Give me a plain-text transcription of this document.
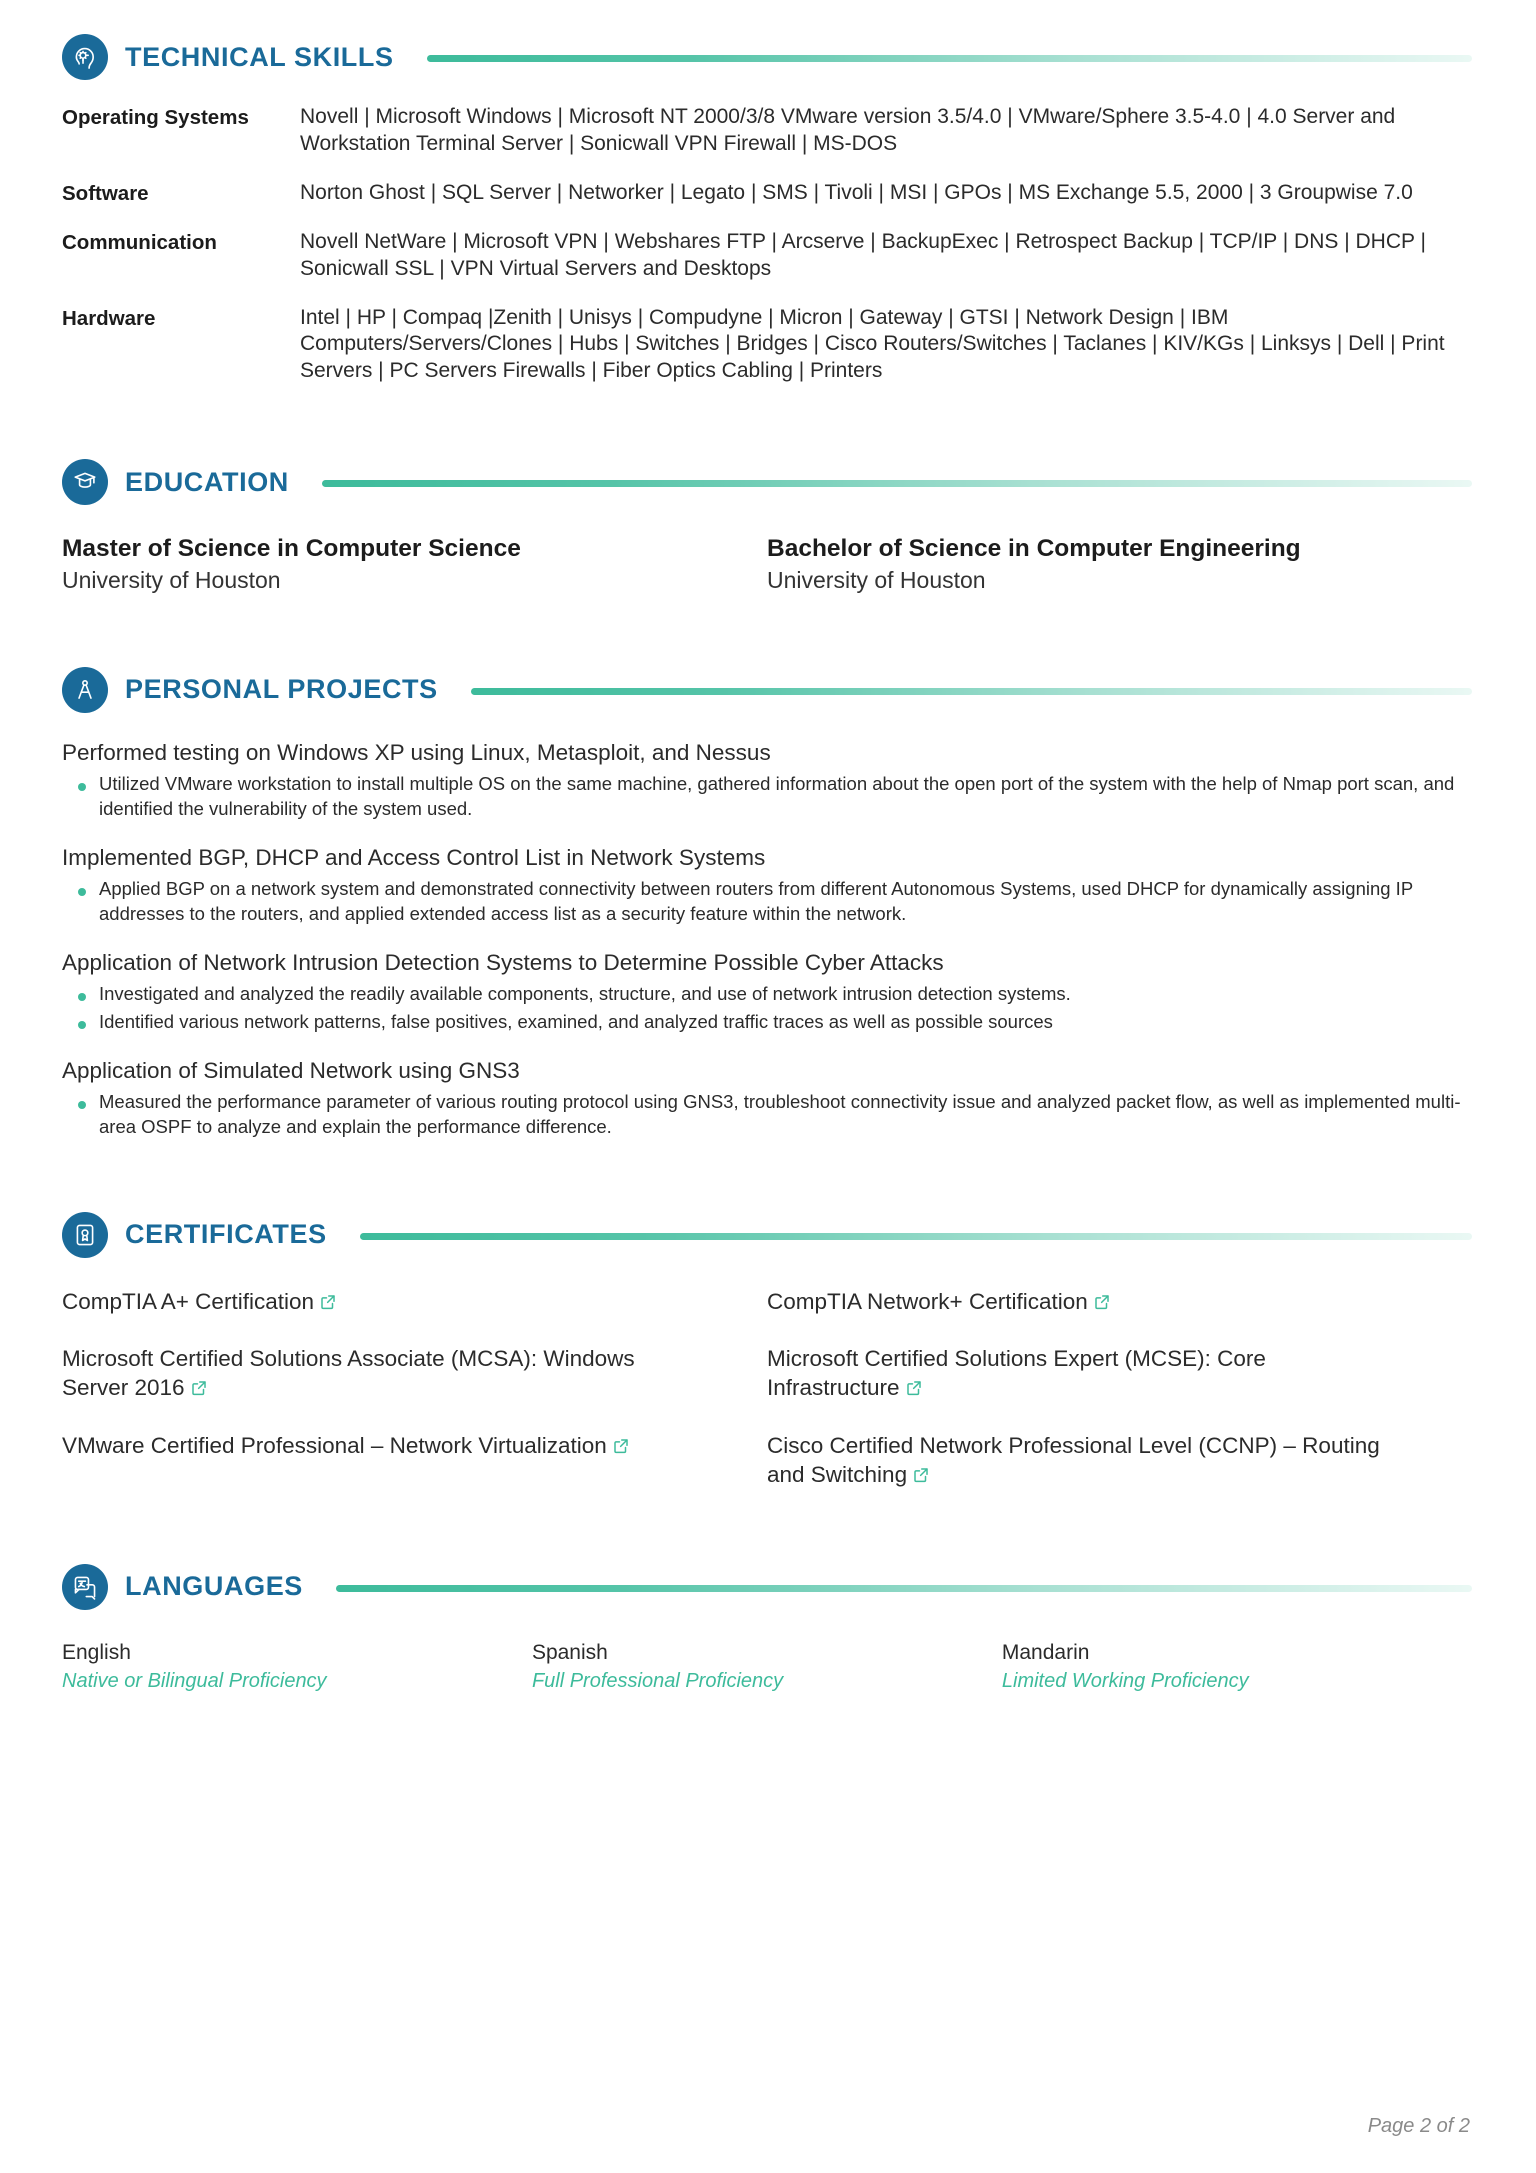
TECHNICAL SKILLS
Operating Systems	Novell | Microsoft Windows | Microsoft NT 2000/3/8 VMware version 3.5/4.0 | VMware/Sphere 3.5-4.0 | 4.0 Server and Workstation Terminal Server | Sonicwall VPN Firewall | MS-DOS
Software	Norton Ghost | SQL Server | Networker | Legato | SMS | Tivoli | MSI | GPOs | MS Exchange 5.5, 2000 | 3 Groupwise 7.0
Communication	Novell NetWare | Microsoft VPN | Webshares FTP | Arcserve | BackupExec | Retrospect Backup | TCP/IP | DNS | DHCP | Sonicwall SSL | VPN Virtual Servers and Desktops
Hardware	Intel | HP | Compaq |Zenith | Unisys | Compudyne | Micron | Gateway | GTSI | Network Design | IBM Computers/Servers/Clones | Hubs | Switches | Bridges | Cisco Routers/Switches | Taclanes | KIV/KGs | Linksys | Dell | Print Servers | PC Servers Firewalls | Fiber Optics Cabling | Printers
EDUCATION
Master of Science in Computer Science
University of Houston
Bachelor of Science in Computer Engineering
University of Houston
PERSONAL PROJECTS
Performed testing on Windows XP using Linux, Metasploit, and Nessus
Utilized VMware workstation to install multiple OS on the same machine, gathered information about the open port of the system with the help of Nmap port scan, and identified the vulnerability of the system used.
Implemented BGP, DHCP and Access Control List in Network Systems
Applied BGP on a network system and demonstrated connectivity between routers from different Autonomous Systems, used DHCP for dynamically assigning IP addresses to the routers, and applied extended access list as a security feature within the network.
Application of Network Intrusion Detection Systems to Determine Possible Cyber Attacks
Investigated and analyzed the readily available components, structure, and use of network intrusion detection systems.
Identified various network patterns, false positives, examined, and analyzed traffic traces as well as possible sources
Application of Simulated Network using GNS3
Measured the performance parameter of various routing protocol using GNS3, troubleshoot connectivity issue and analyzed packet flow, as well as implemented multi-area OSPF to analyze and explain the performance difference.
CERTIFICATES
CompTIA A+ Certification	CompTIA Network+ Certification
Microsoft Certified Solutions Associate (MCSA): Windows Server 2016
Microsoft Certified Solutions Expert (MCSE): Core Infrastructure
VMware Certified Professional – Network Virtualization	Cisco Certified Network Professional Level (CCNP) – Routing and Switching
LANGUAGES
English
Native or Bilingual Proficiency
Spanish
Full Professional Proficiency
Mandarin
Limited Working Proficiency
Page 2 of 2
